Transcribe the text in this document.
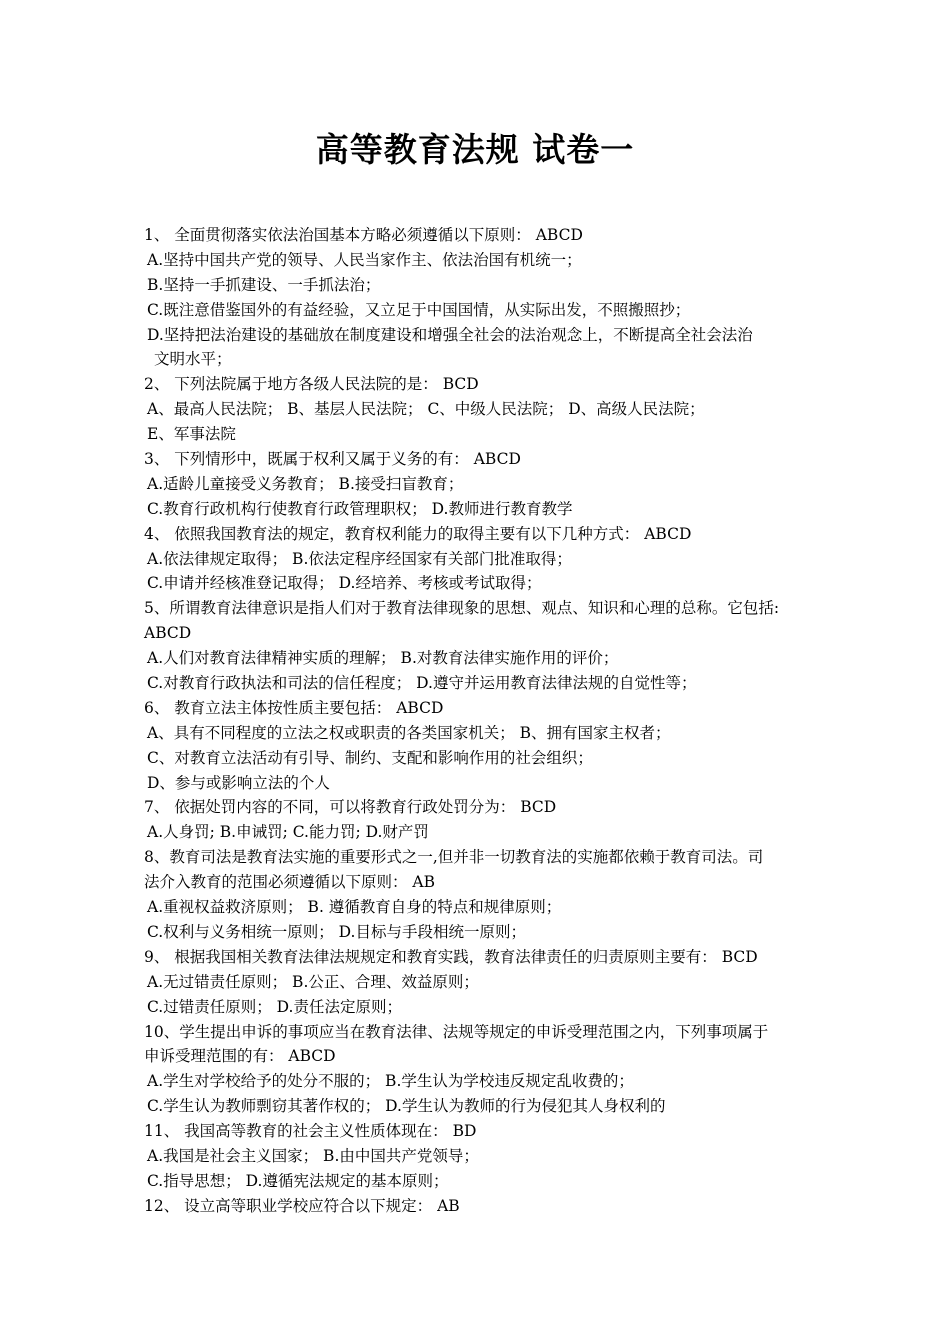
高等教育法规 试卷一
1、 全面贯彻落实依法治国基本方略必须遵循以下原则： ABCD
A.坚持中国共产党的领导、人民当家作主、依法治国有机统一；
B.坚持一手抓建设、一手抓法治；
C.既注意借鉴国外的有益经验，又立足于中国国情，从实际出发，不照搬照抄；
D.坚持把法治建设的基础放在制度建设和增强全社会的法治观念上，不断提高全社会法治
文明水平；
2、 下列法院属于地方各级人民法院的是： BCD
A、最高人民法院； B、基层人民法院； C、中级人民法院； D、高级人民法院；
E、军事法院
3、 下列情形中，既属于权利又属于义务的有： ABCD
A.适龄儿童接受义务教育； B.接受扫盲教育；
C.教育行政机构行使教育行政管理职权； D.教师进行教育教学
4、 依照我国教育法的规定，教育权利能力的取得主要有以下几种方式： ABCD
A.依法律规定取得； B.依法定程序经国家有关部门批准取得；
C.申请并经核准登记取得； D.经培养、考核或考试取得；
5、所谓教育法律意识是指人们对于教育法律现象的思想、观点、知识和心理的总称。它包括:
ABCD
A.人们对教育法律精神实质的理解； B.对教育法律实施作用的评价；
C.对教育行政执法和司法的信任程度； D.遵守并运用教育法律法规的自觉性等；
6、 教育立法主体按性质主要包括： ABCD
A、具有不同程度的立法之权或职责的各类国家机关； B、拥有国家主权者；
C、对教育立法活动有引导、制约、支配和影响作用的社会组织；
D、参与或影响立法的个人
7、 依据处罚内容的不同，可以将教育行政处罚分为： BCD
A.人身罚; B.申诫罚; C.能力罚; D.财产罚
8、教育司法是教育法实施的重要形式之一,但并非一切教育法的实施都依赖于教育司法。司
法介入教育的范围必须遵循以下原则： AB
A.重视权益救济原则； B. 遵循教育自身的特点和规律原则；
C.权利与义务相统一原则； D.目标与手段相统一原则；
9、 根据我国相关教育法律法规规定和教育实践，教育法律责任的归责原则主要有： BCD
A.无过错责任原则； B.公正、合理、效益原则；
C.过错责任原则； D.责任法定原则；
10、学生提出申诉的事项应当在教育法律、法规等规定的申诉受理范围之内，下列事项属于
申诉受理范围的有： ABCD
A.学生对学校给予的处分不服的； B.学生认为学校违反规定乱收费的；
C.学生认为教师剽窃其著作权的； D.学生认为教师的行为侵犯其人身权利的
11、 我国高等教育的社会主义性质体现在： BD
A.我国是社会主义国家； B.由中国共产党领导；
C.指导思想； D.遵循宪法规定的基本原则；
12、 设立高等职业学校应符合以下规定： AB
